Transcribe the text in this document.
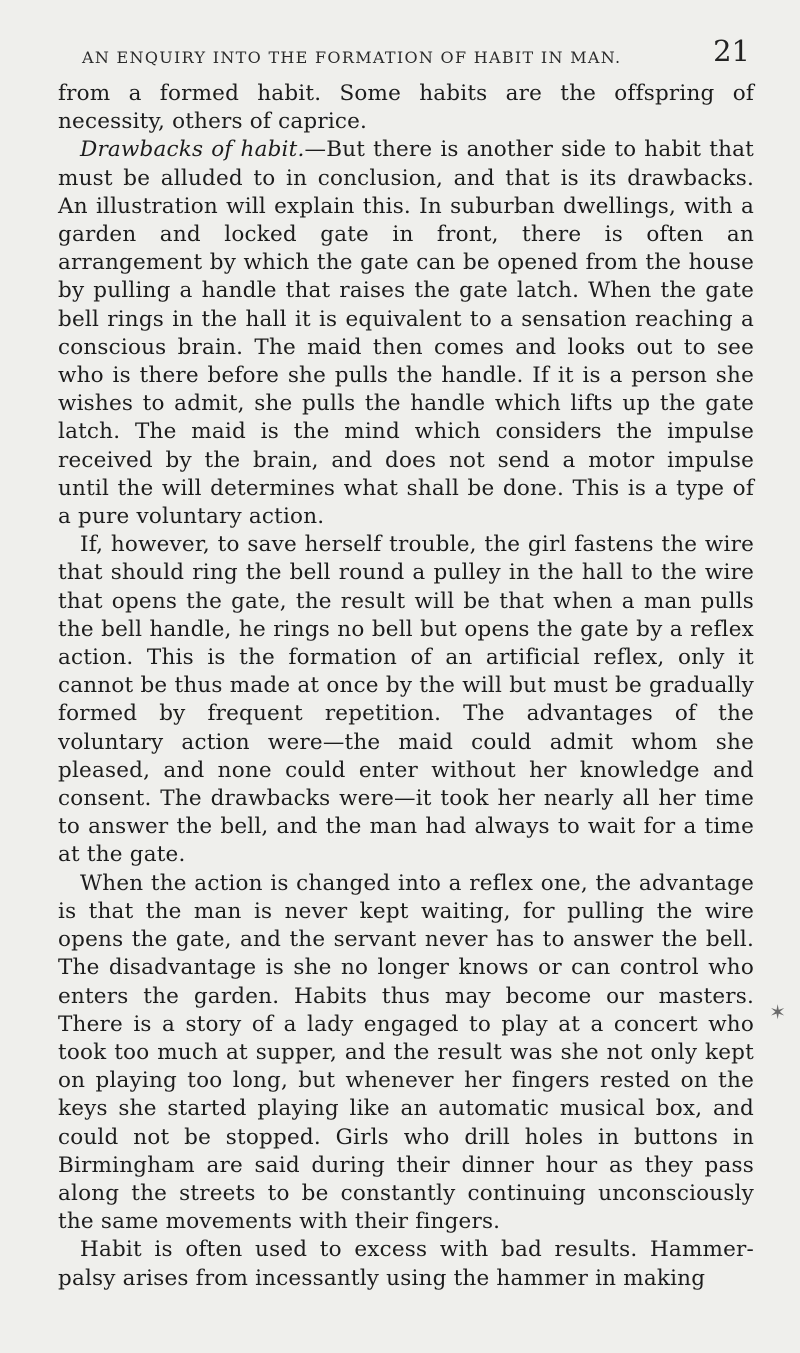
AN ENQUIRY INTO THE FORMATION OF HABIT IN MAN.	21

from a formed habit. Some habits are the offspring of necessity, others of caprice.

Drawbacks of habit.—But there is another side to habit that must be alluded to in conclusion, and that is its drawbacks. An illustration will explain this. In suburban dwellings, with a garden and locked gate in front, there is often an arrangement by which the gate can be opened from the house by pulling a handle that raises the gate latch. When the gate bell rings in the hall it is equivalent to a sensation reaching a conscious brain. The maid then comes and looks out to see who is there before she pulls the handle. If it is a person she wishes to admit, she pulls the handle which lifts up the gate latch. The maid is the mind which considers the impulse received by the brain, and does not send a motor impulse until the will determines what shall be done. This is a type of a pure voluntary action.

If, however, to save herself trouble, the girl fastens the wire that should ring the bell round a pulley in the hall to the wire that opens the gate, the result will be that when a man pulls the bell handle, he rings no bell but opens the gate by a reflex action. This is the formation of an artificial reflex, only it cannot be thus made at once by the will but must be gradually formed by frequent repetition. The advantages of the voluntary action were—the maid could admit whom she pleased, and none could enter without her knowledge and consent. The drawbacks were—it took her nearly all her time to answer the bell, and the man had always to wait for a time at the gate.

When the action is changed into a reflex one, the advantage is that the man is never kept waiting, for pulling the wire opens the gate, and the servant never has to answer the bell. The disadvantage is she no longer knows or can control who enters the garden. Habits thus may become our masters. There is a story of a lady engaged to play at a concert who took too much at supper, and the result was she not only kept on playing too long, but whenever her fingers rested on the keys she started playing like an automatic musical box, and could not be stopped. Girls who drill holes in buttons in Birmingham are said during their dinner hour as they pass along the streets to be constantly continuing unconsciously the same movements with their fingers.

Habit is often used to excess with bad results. Hammer-palsy arises from incessantly using the hammer in making

✶
